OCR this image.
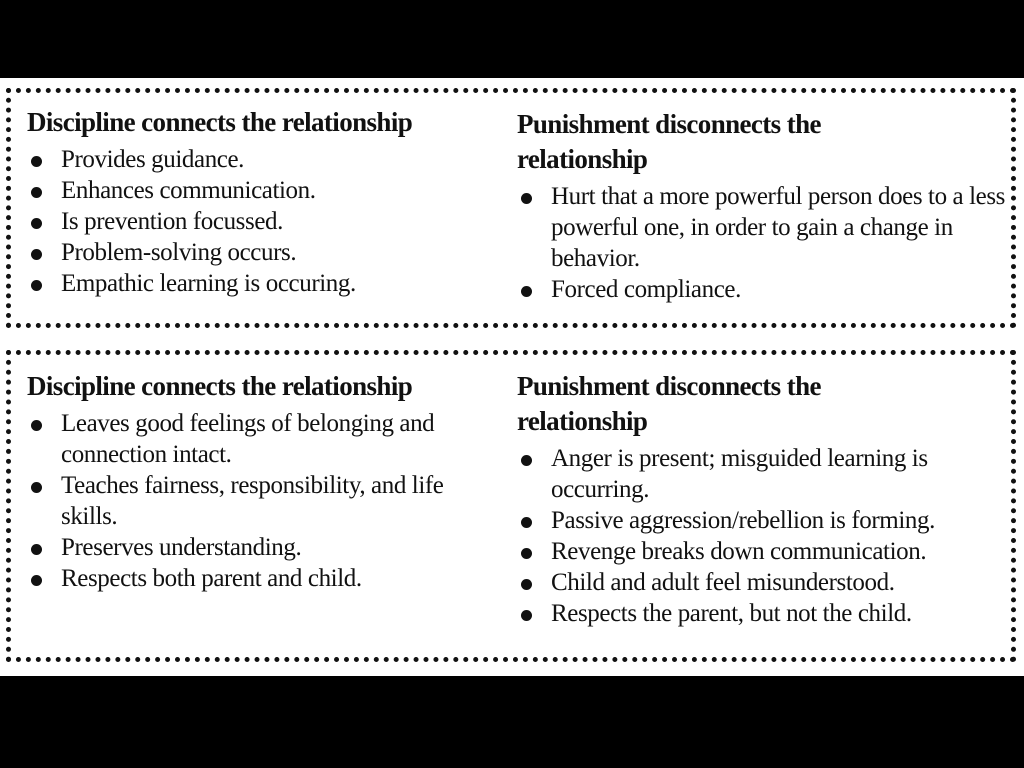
Discipline connects the relationship
Provides guidance.
Enhances communication.
Is prevention focussed.
Problem-solving occurs.
Empathic learning is occuring.
Punishment disconnects the relationship
Hurt that a more powerful person does to a less powerful one, in order to gain a change in behavior.
Forced compliance.
Discipline connects the relationship
Leaves good feelings of belonging and connection intact.
Teaches fairness, responsibility, and life skills.
Preserves understanding.
Respects both parent and child.
Punishment disconnects the relationship
Anger is present; misguided learning is occurring.
Passive aggression/rebellion is forming.
Revenge breaks down communication.
Child and adult feel misunderstood.
Respects the parent, but not the child.
